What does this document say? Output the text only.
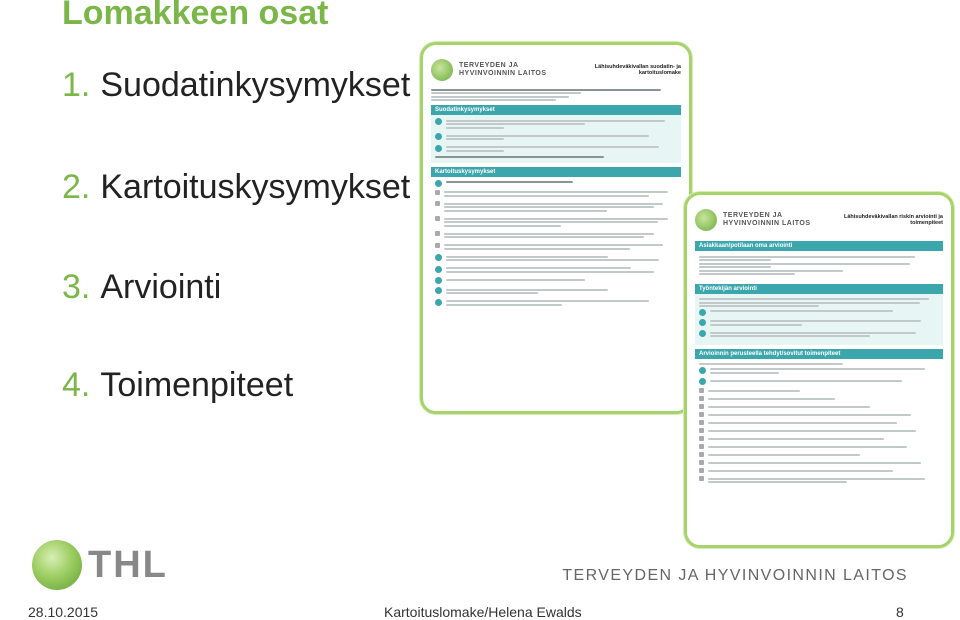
Lomakkeen osat
1. Suodatinkysymykset
2. Kartoituskysymykset
3. Arviointi
4. Toimenpiteet
TERVEYDEN JA
HYVINVOINNIN LAITOS
Lähisuhdeväkivallan suodatin- ja kartoituslomake
Suodatinkysymykset
Kartoituskysymykset
TERVEYDEN JA
HYVINVOINNIN LAITOS
Lähisuhdeväkivallan riskin arviointi ja toimenpiteet
Asiakkaan/potilaan oma arviointi
Työntekijän arviointi
Arvioinnin perusteella tehdyt/sovitut toimenpiteet
THL	TERVEYDEN JA HYVINVOINNIN LAITOS
28.10.2015	Kartoituslomake/Helena Ewalds	8
